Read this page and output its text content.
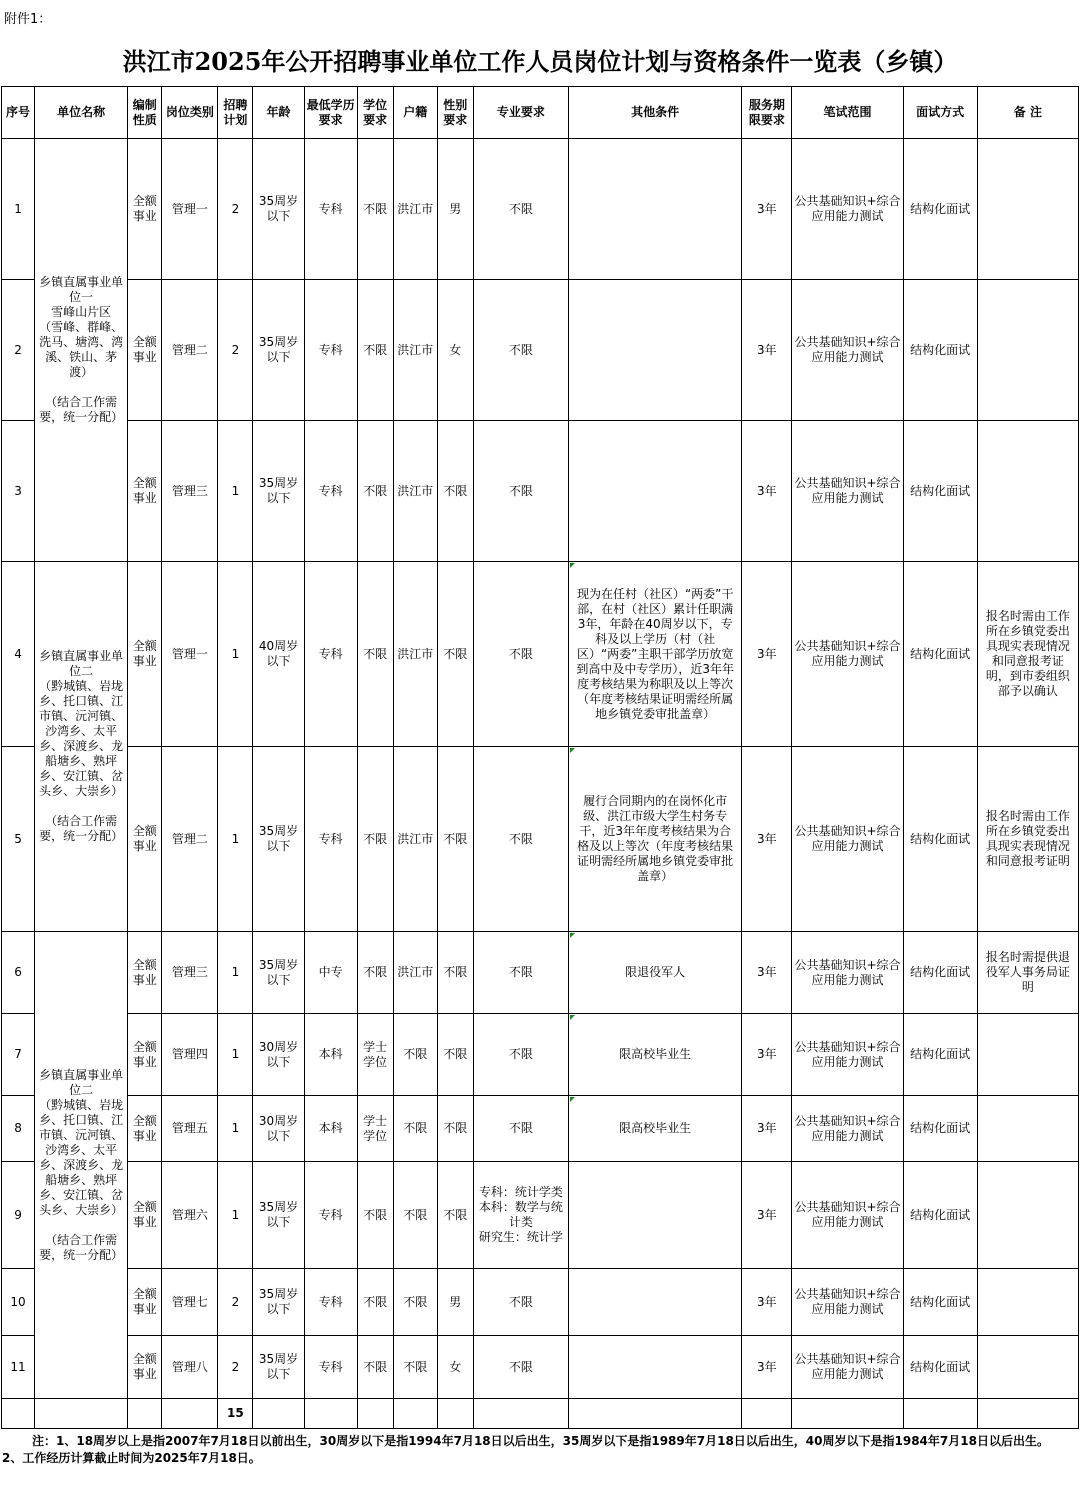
附件1：
洪江市2025年公开招聘事业单位工作人员岗位计划与资格条件一览表（乡镇）
序号	单位名称	编制性质	岗位类别	招聘计划	年龄	最低学历要求	学位要求	户籍	性别要求	专业要求	其他条件	服务期限要求	笔试范围	面试方式	备 注
1	乡镇直属事业单位一
雪峰山片区
（雪峰、群峰、洗马、塘湾、湾溪、铁山、茅渡）

（结合工作需要，统一分配）	全额事业	管理一	2	35周岁以下	专科	不限	洪江市	男	不限		3年	公共基础知识+综合应用能力测试	结构化面试	
2		全额事业	管理二	2	35周岁以下	专科	不限	洪江市	女	不限		3年	公共基础知识+综合应用能力测试	结构化面试	
3		全额事业	管理三	1	35周岁以下	专科	不限	洪江市	不限	不限		3年	公共基础知识+综合应用能力测试	结构化面试	
4	乡镇直属事业单位二
（黔城镇、岩垅乡、托口镇、江市镇、沅河镇、沙湾乡、太平乡、深渡乡、龙船塘乡、熟坪乡、安江镇、岔头乡、大崇乡）

（结合工作需要，统一分配）	全额事业	管理一	1	40周岁以下	专科	不限	洪江市	不限	不限	现为在任村（社区）“两委”干部，在村（社区）累计任职满3年，年龄在40周岁以下，专科及以上学历（村（社区）“两委”主职干部学历放宽到高中及中专学历），近3年年度考核结果为称职及以上等次（年度考核结果证明需经所属地乡镇党委审批盖章）	3年	公共基础知识+综合应用能力测试	结构化面试	报名时需由工作所在乡镇党委出具现实表现情况和同意报考证明，到市委组织部予以确认
5		全额事业	管理二	1	35周岁以下	专科	不限	洪江市	不限	不限	履行合同期内的在岗怀化市级、洪江市级大学生村务专干，近3年年度考核结果为合格及以上等次（年度考核结果证明需经所属地乡镇党委审批盖章）	3年	公共基础知识+综合应用能力测试	结构化面试	报名时需由工作所在乡镇党委出具现实表现情况和同意报考证明
6	乡镇直属事业单位二
（黔城镇、岩垅乡、托口镇、江市镇、沅河镇、沙湾乡、太平乡、深渡乡、龙船塘乡、熟坪乡、安江镇、岔头乡、大崇乡）

（结合工作需要，统一分配）	全额事业	管理三	1	35周岁以下	中专	不限	洪江市	不限	不限	限退役军人	3年	公共基础知识+综合应用能力测试	结构化面试	报名时需提供退役军人事务局证明
7		全额事业	管理四	1	30周岁以下	本科	学士学位	不限	不限	不限	限高校毕业生	3年	公共基础知识+综合应用能力测试	结构化面试	
8		全额事业	管理五	1	30周岁以下	本科	学士学位	不限	不限	不限	限高校毕业生	3年	公共基础知识+综合应用能力测试	结构化面试	
9		全额事业	管理六	1	35周岁以下	专科	不限	不限	不限	专科：统计学类
本科：数学与统计类
研究生：统计学		3年	公共基础知识+综合应用能力测试	结构化面试	
10		全额事业	管理七	2	35周岁以下	专科	不限	不限	男	不限		3年	公共基础知识+综合应用能力测试	结构化面试	
11		全额事业	管理八	2	35周岁以下	专科	不限	不限	女	不限		3年	公共基础知识+综合应用能力测试	结构化面试	
				15											

注：1、18周岁以上是指2007年7月18日以前出生，30周岁以下是指1994年7月18日以后出生，35周岁以下是指1989年7月18日以后出生，40周岁以下是指1984年7月18日以后出生。

2、工作经历计算截止时间为2025年7月18日。
